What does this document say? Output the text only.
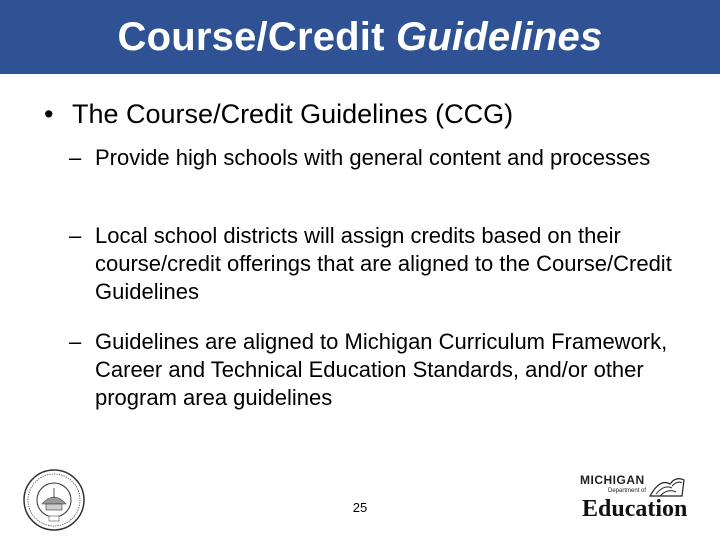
Course/Credit Guidelines
• The Course/Credit Guidelines (CCG)
– Provide high schools with general content and processes
– Local school districts will assign credits based on their course/credit offerings that are aligned to the Course/Credit Guidelines
– Guidelines are aligned to Michigan Curriculum Framework, Career and Technical Education Standards, and/or other program area guidelines
25
MICHIGAN
Department of
Education
